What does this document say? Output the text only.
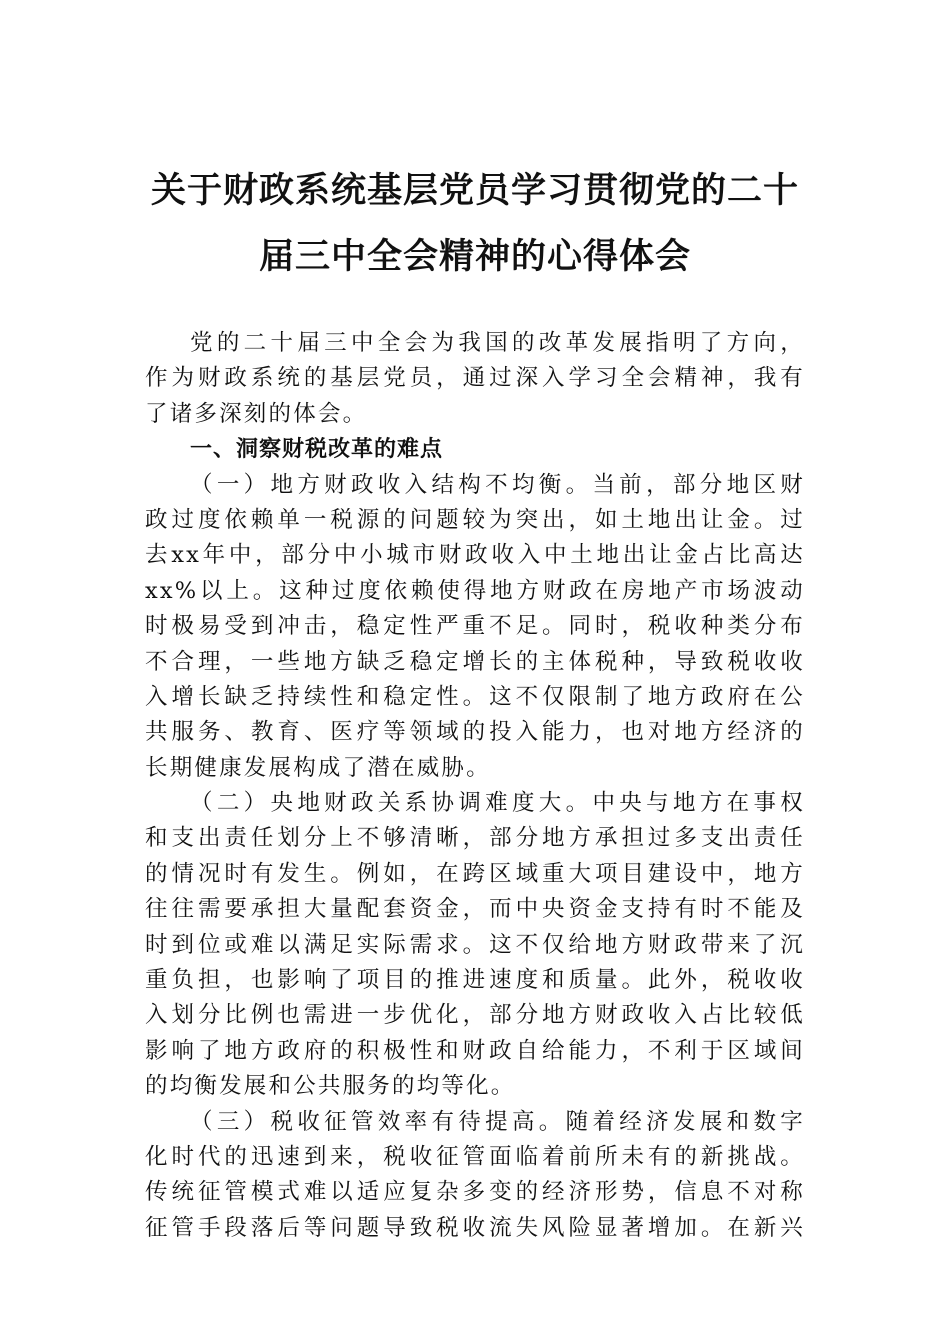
关于财政系统基层党员学习贯彻党的二十
届三中全会精神的心得体会
党的二十届三中全会为我国的改革发展指明了方向，
作为财政系统的基层党员，通过深入学习全会精神，我有
了诸多深刻的体会。
一、洞察财税改革的难点
（一）地方财政收入结构不均衡。当前，部分地区财
政过度依赖单一税源的问题较为突出，如土地出让金。过
去xx年中，部分中小城市财政收入中土地出让金占比高达
xx%以上。这种过度依赖使得地方财政在房地产市场波动
时极易受到冲击，稳定性严重不足。同时，税收种类分布
不合理，一些地方缺乏稳定增长的主体税种，导致税收收
入增长缺乏持续性和稳定性。这不仅限制了地方政府在公
共服务、教育、医疗等领域的投入能力，也对地方经济的
长期健康发展构成了潜在威胁。
（二）央地财政关系协调难度大。中央与地方在事权
和支出责任划分上不够清晰，部分地方承担过多支出责任
的情况时有发生。例如，在跨区域重大项目建设中，地方
往往需要承担大量配套资金，而中央资金支持有时不能及
时到位或难以满足实际需求。这不仅给地方财政带来了沉
重负担，也影响了项目的推进速度和质量。此外，税收收
入划分比例也需进一步优化，部分地方财政收入占比较低
影响了地方政府的积极性和财政自给能力，不利于区域间
的均衡发展和公共服务的均等化。
（三）税收征管效率有待提高。随着经济发展和数字
化时代的迅速到来，税收征管面临着前所未有的新挑战。
传统征管模式难以适应复杂多变的经济形势，信息不对称
征管手段落后等问题导致税收流失风险显著增加。在新兴
